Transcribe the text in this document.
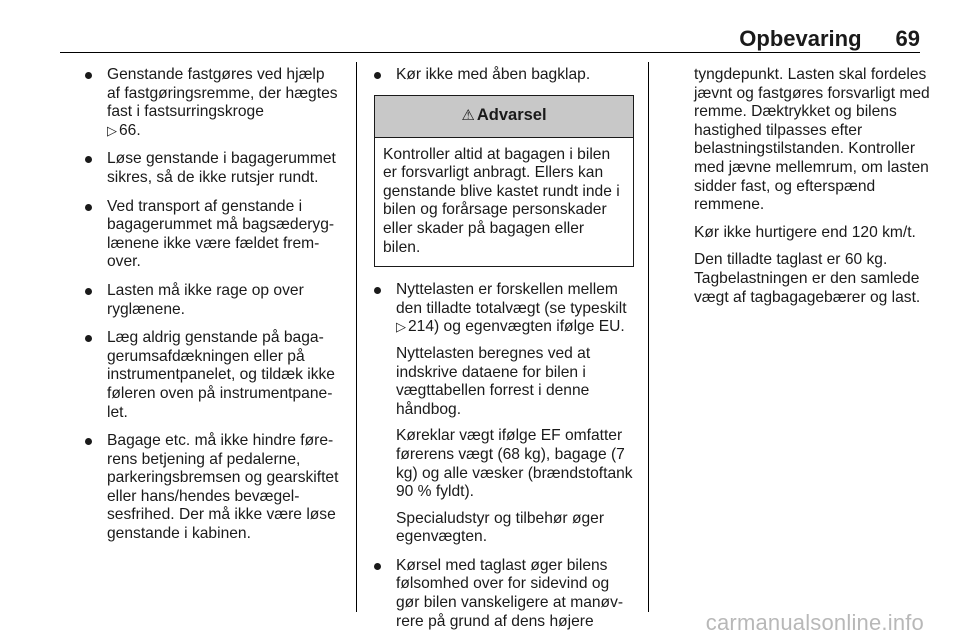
Opbevaring 69
Genstande fastgøres ved hjælp af fastgøringsremme, der hægtes fast i fastsurringskroge
▷ 66.
Løse genstande i bagagerummet sikres, så de ikke rutsjer rundt.
Ved transport af genstande i bagagerummet må bagsæderyglænene ikke være fældet fremover.
Lasten må ikke rage op over ryglænene.
Læg aldrig genstande på bagagerumsafdækningen eller på instrumentpanelet, og tildæk ikke føleren oven på instrumentpanelet.
Bagage etc. må ikke hindre førerens betjening af pedalerne, parkeringsbremsen og gearskiftet eller hans/hendes bevægelsesfrihed. Der må ikke være løse genstande i kabinen.
Kør ikke med åben bagklap.
⚠ Advarsel
Kontroller altid at bagagen i bilen er forsvarligt anbragt. Ellers kan genstande blive kastet rundt inde i bilen og forårsage personskader eller skader på bagagen eller bilen.
Nyttelasten er forskellen mellem den tilladte totalvægt (se typeskilt
▷ 214) og egenvægten ifølge EU.
Nyttelasten beregnes ved at indskrive dataene for bilen i vægttabellen forrest i denne håndbog.
Køreklar vægt ifølge EF omfatter førerens vægt (68 kg), bagage (7 kg) og alle væsker (brændstoftank 90 % fyldt).
Specialudstyr og tilbehør øger egenvægten.
Kørsel med taglast øger bilens følsomhed over for sidevind og gør bilen vanskeligere at manøvrere på grund af dens højere

tyngdepunkt. Lasten skal fordeles jævnt og fastgøres forsvarligt med remme. Dæktrykket og bilens hastighed tilpasses efter belastningstilstanden. Kontroller med jævne mellemrum, om lasten sidder fast, og efterspænd remmene.

Kør ikke hurtigere end 120 km/t.

Den tilladte taglast er 60 kg. Tagbelastningen er den samlede vægt af tagbagagebærer og last.

carmanualsonline.info
